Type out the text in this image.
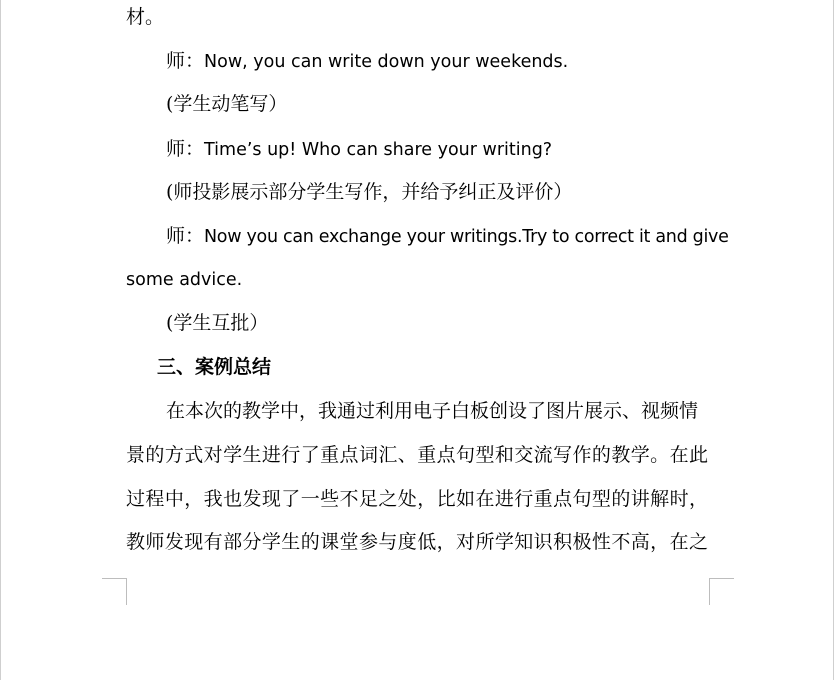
材。
师：Now, you can write down your weekends.
(学生动笔写）
师：Time’s up! Who can share your writing?
(师投影展示部分学生写作，并给予纠正及评价）
师：Now you can exchange your writings.Try to correct it and give
some advice.
(学生互批）
三、案例总结
在本次的教学中，我通过利用电子白板创设了图片展示、视频情
景的方式对学生进行了重点词汇、重点句型和交流写作的教学。在此
过程中，我也发现了一些不足之处，比如在进行重点句型的讲解时，
教师发现有部分学生的课堂参与度低，对所学知识积极性不高，在之
